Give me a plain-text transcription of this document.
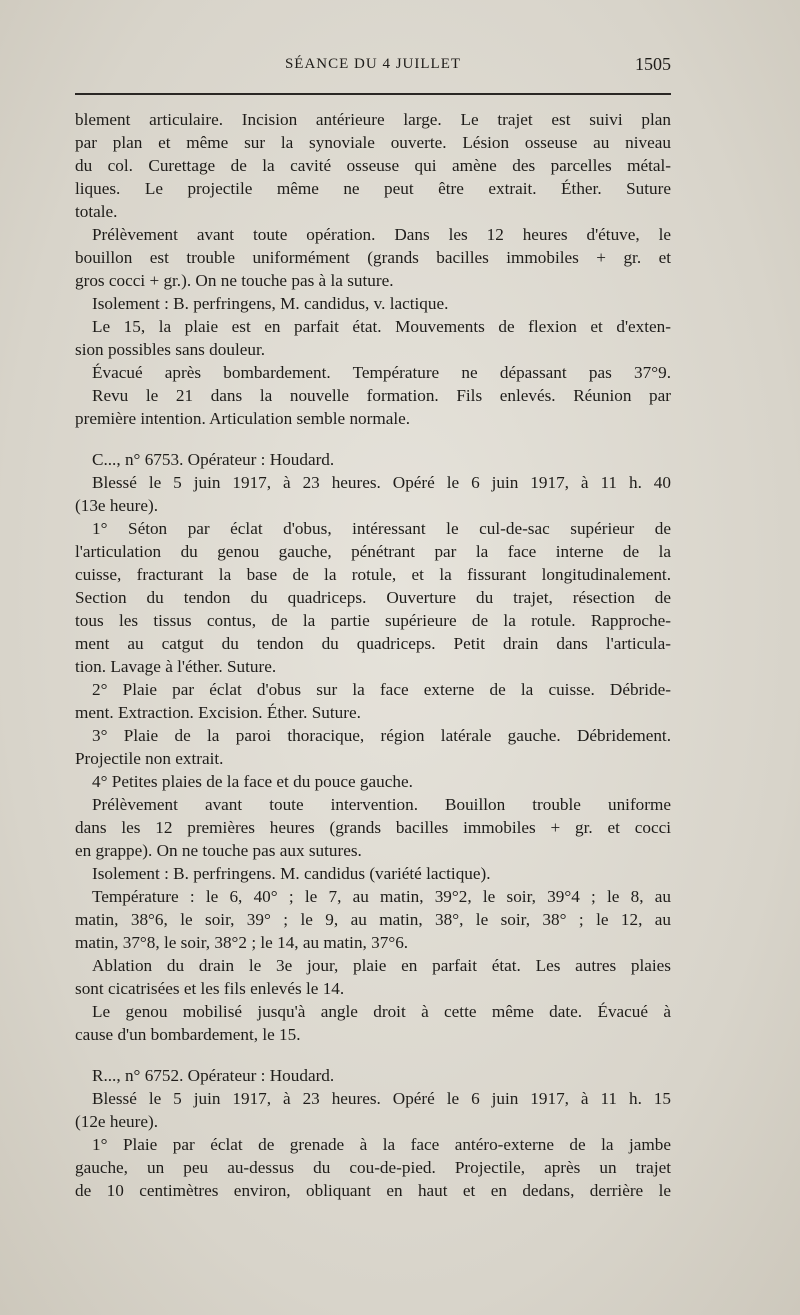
SÉANCE DU 4 JUILLET	1505
blement articulaire. Incision antérieure large. Le trajet est suivi plan
par plan et même sur la synoviale ouverte. Lésion osseuse au niveau
du col. Curettage de la cavité osseuse qui amène des parcelles métal-
liques. Le projectile même ne peut être extrait. Éther. Suture
totale.
Prélèvement avant toute opération. Dans les 12 heures d'étuve, le
bouillon est trouble uniformément (grands bacilles immobiles + gr. et
gros cocci + gr.). On ne touche pas à la suture.
Isolement : B. perfringens, M. candidus, v. lactique.
Le 15, la plaie est en parfait état. Mouvements de flexion et d'exten-
sion possibles sans douleur.
Évacué après bombardement. Température ne dépassant pas 37°9.
Revu le 21 dans la nouvelle formation. Fils enlevés. Réunion par
première intention. Articulation semble normale.
C..., n° 6753. Opérateur : Houdard.
Blessé le 5 juin 1917, à 23 heures. Opéré le 6 juin 1917, à 11 h. 40
(13e heure).
1° Séton par éclat d'obus, intéressant le cul-de-sac supérieur de
l'articulation du genou gauche, pénétrant par la face interne de la
cuisse, fracturant la base de la rotule, et la fissurant longitudinalement.
Section du tendon du quadriceps. Ouverture du trajet, résection de
tous les tissus contus, de la partie supérieure de la rotule. Rapproche-
ment au catgut du tendon du quadriceps. Petit drain dans l'articula-
tion. Lavage à l'éther. Suture.
2° Plaie par éclat d'obus sur la face externe de la cuisse. Débride-
ment. Extraction. Excision. Éther. Suture.
3° Plaie de la paroi thoracique, région latérale gauche. Débridement.
Projectile non extrait.
4° Petites plaies de la face et du pouce gauche.
Prélèvement avant toute intervention. Bouillon trouble uniforme
dans les 12 premières heures (grands bacilles immobiles + gr. et cocci
en grappe). On ne touche pas aux sutures.
Isolement : B. perfringens. M. candidus (variété lactique).
Température : le 6, 40° ; le 7, au matin, 39°2, le soir, 39°4 ; le 8, au
matin, 38°6, le soir, 39° ; le 9, au matin, 38°, le soir, 38° ; le 12, au
matin, 37°8, le soir, 38°2 ; le 14, au matin, 37°6.
Ablation du drain le 3e jour, plaie en parfait état. Les autres plaies
sont cicatrisées et les fils enlevés le 14.
Le genou mobilisé jusqu'à angle droit à cette même date. Évacué à
cause d'un bombardement, le 15.
R..., n° 6752. Opérateur : Houdard.
Blessé le 5 juin 1917, à 23 heures. Opéré le 6 juin 1917, à 11 h. 15
(12e heure).
1° Plaie par éclat de grenade à la face antéro-externe de la jambe
gauche, un peu au-dessus du cou-de-pied. Projectile, après un trajet
de 10 centimètres environ, obliquant en haut et en dedans, derrière le
